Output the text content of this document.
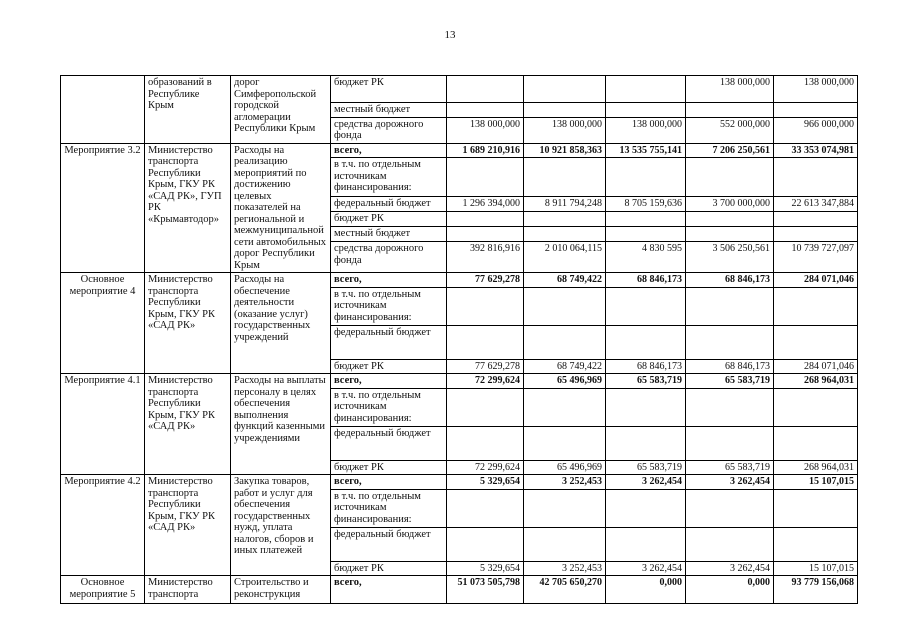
13
	образований в Республике Крым	дорог Симферопольской городской агломерации Республики Крым	бюджет РК				138 000,000	138 000,000
			местный бюджет					
			средства дорожного фонда	138 000,000	138 000,000	138 000,000	552 000,000	966 000,000
Мероприятие 3.2	Министерство транспорта Республики Крым, ГКУ РК «САД РК», ГУП РК «Крымавтодор»	Расходы на реализацию мероприятий по достижению целевых показателей на региональной и межмуниципальной сети автомобильных дорог Республики Крым	всего,	1 689 210,916	10 921 858,363	13 535 755,141	7 206 250,561	33 353 074,981
			в т.ч. по отдельным источникам финансирования:					
			федеральный бюджет	1 296 394,000	8 911 794,248	8 705 159,636	3 700 000,000	22 613 347,884
			бюджет РК					
			местный бюджет					
			средства дорожного фонда	392 816,916	2 010 064,115	4 830 595	3 506 250,561	10 739 727,097
Основное мероприятие 4	Министерство транспорта Республики Крым, ГКУ РК «САД РК»	Расходы на обеспечение деятельности (оказание услуг) государственных учреждений	всего,	77 629,278	68 749,422	68 846,173	68 846,173	284 071,046
			в т.ч. по отдельным источникам финансирования:					
			федеральный бюджет					
			бюджет РК	77 629,278	68 749,422	68 846,173	68 846,173	284 071,046
Мероприятие 4.1	Министерство транспорта Республики Крым, ГКУ РК «САД РК»	Расходы на выплаты персоналу в целях обеспечения выполнения функций казенными учреждениями	всего,	72 299,624	65 496,969	65 583,719	65 583,719	268 964,031
			в т.ч. по отдельным источникам финансирования:					
			федеральный бюджет					
			бюджет РК	72 299,624	65 496,969	65 583,719	65 583,719	268 964,031
Мероприятие 4.2	Министерство транспорта Республики Крым, ГКУ РК «САД РК»	Закупка товаров, работ и услуг для обеспечения государственных нужд, уплата налогов, сборов и иных платежей	всего,	5 329,654	3 252,453	3 262,454	3 262,454	15 107,015
			в т.ч. по отдельным источникам финансирования:					
			федеральный бюджет					
			бюджет РК	5 329,654	3 252,453	3 262,454	3 262,454	15 107,015
Основное мероприятие 5	Министерство транспорта	Строительство и реконструкция	всего,	51 073 505,798	42 705 650,270	0,000	0,000	93 779 156,068
